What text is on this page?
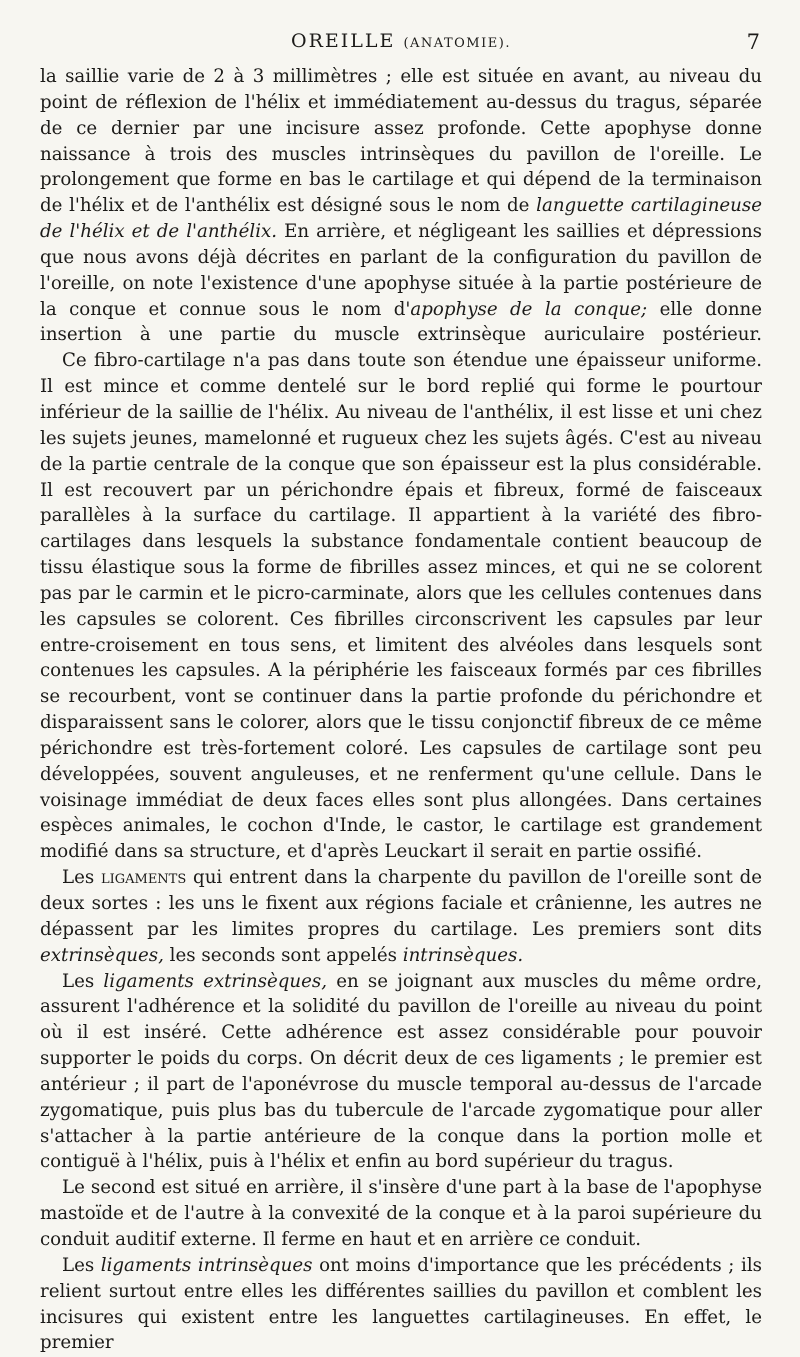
OREILLE (ANATOMIE).	7

la saillie varie de 2 à 3 millimètres ; elle est située en avant, au niveau du point de réflexion de l'hélix et immédiatement au-dessus du tragus, séparée de ce dernier par une incisure assez profonde. Cette apophyse donne naissance à trois des muscles intrinsèques du pavillon de l'oreille. Le prolongement que forme en bas le cartilage et qui dépend de la terminaison de l'hélix et de l'anthélix est désigné sous le nom de languette cartilagineuse de l'hélix et de l'anthélix. En arrière, et négligeant les saillies et dépressions que nous avons déjà décrites en parlant de la configuration du pavillon de l'oreille, on note l'existence d'une apophyse située à la partie postérieure de la conque et connue sous le nom d'apophyse de la conque; elle donne insertion à une partie du muscle extrinsèque auriculaire postérieur.

Ce fibro-cartilage n'a pas dans toute son étendue une épaisseur uniforme. Il est mince et comme dentelé sur le bord replié qui forme le pourtour inférieur de la saillie de l'hélix. Au niveau de l'anthélix, il est lisse et uni chez les sujets jeunes, mamelonné et rugueux chez les sujets âgés. C'est au niveau de la partie centrale de la conque que son épaisseur est la plus considérable. Il est recouvert par un périchondre épais et fibreux, formé de faisceaux parallèles à la surface du cartilage. Il appartient à la variété des fibro-cartilages dans lesquels la substance fondamentale contient beaucoup de tissu élastique sous la forme de fibrilles assez minces, et qui ne se colorent pas par le carmin et le picro-carminate, alors que les cellules contenues dans les capsules se colorent. Ces fibrilles circonscrivent les capsules par leur entre-croisement en tous sens, et limitent des alvéoles dans lesquels sont contenues les capsules. A la périphérie les faisceaux formés par ces fibrilles se recourbent, vont se continuer dans la partie profonde du périchondre et disparaissent sans le colorer, alors que le tissu conjonctif fibreux de ce même périchondre est très-fortement coloré. Les capsules de cartilage sont peu développées, souvent anguleuses, et ne renferment qu'une cellule. Dans le voisinage immédiat de deux faces elles sont plus allongées. Dans certaines espèces animales, le cochon d'Inde, le castor, le cartilage est grandement modifié dans sa structure, et d'après Leuckart il serait en partie ossifié.

Les ligaments qui entrent dans la charpente du pavillon de l'oreille sont de deux sortes : les uns le fixent aux régions faciale et crânienne, les autres ne dépassent par les limites propres du cartilage. Les premiers sont dits extrinsèques, les seconds sont appelés intrinsèques.

Les ligaments extrinsèques, en se joignant aux muscles du même ordre, assurent l'adhérence et la solidité du pavillon de l'oreille au niveau du point où il est inséré. Cette adhérence est assez considérable pour pouvoir supporter le poids du corps. On décrit deux de ces ligaments ; le premier est antérieur ; il part de l'aponévrose du muscle temporal au-dessus de l'arcade zygomatique, puis plus bas du tubercule de l'arcade zygomatique pour aller s'attacher à la partie antérieure de la conque dans la portion molle et contiguë à l'hélix, puis à l'hélix et enfin au bord supérieur du tragus.

Le second est situé en arrière, il s'insère d'une part à la base de l'apophyse mastoïde et de l'autre à la convexité de la conque et à la paroi supérieure du conduit auditif externe. Il ferme en haut et en arrière ce conduit.

Les ligaments intrinsèques ont moins d'importance que les précédents ; ils relient surtout entre elles les différentes saillies du pavillon et comblent les incisures qui existent entre les languettes cartilagineuses. En effet, le premier
